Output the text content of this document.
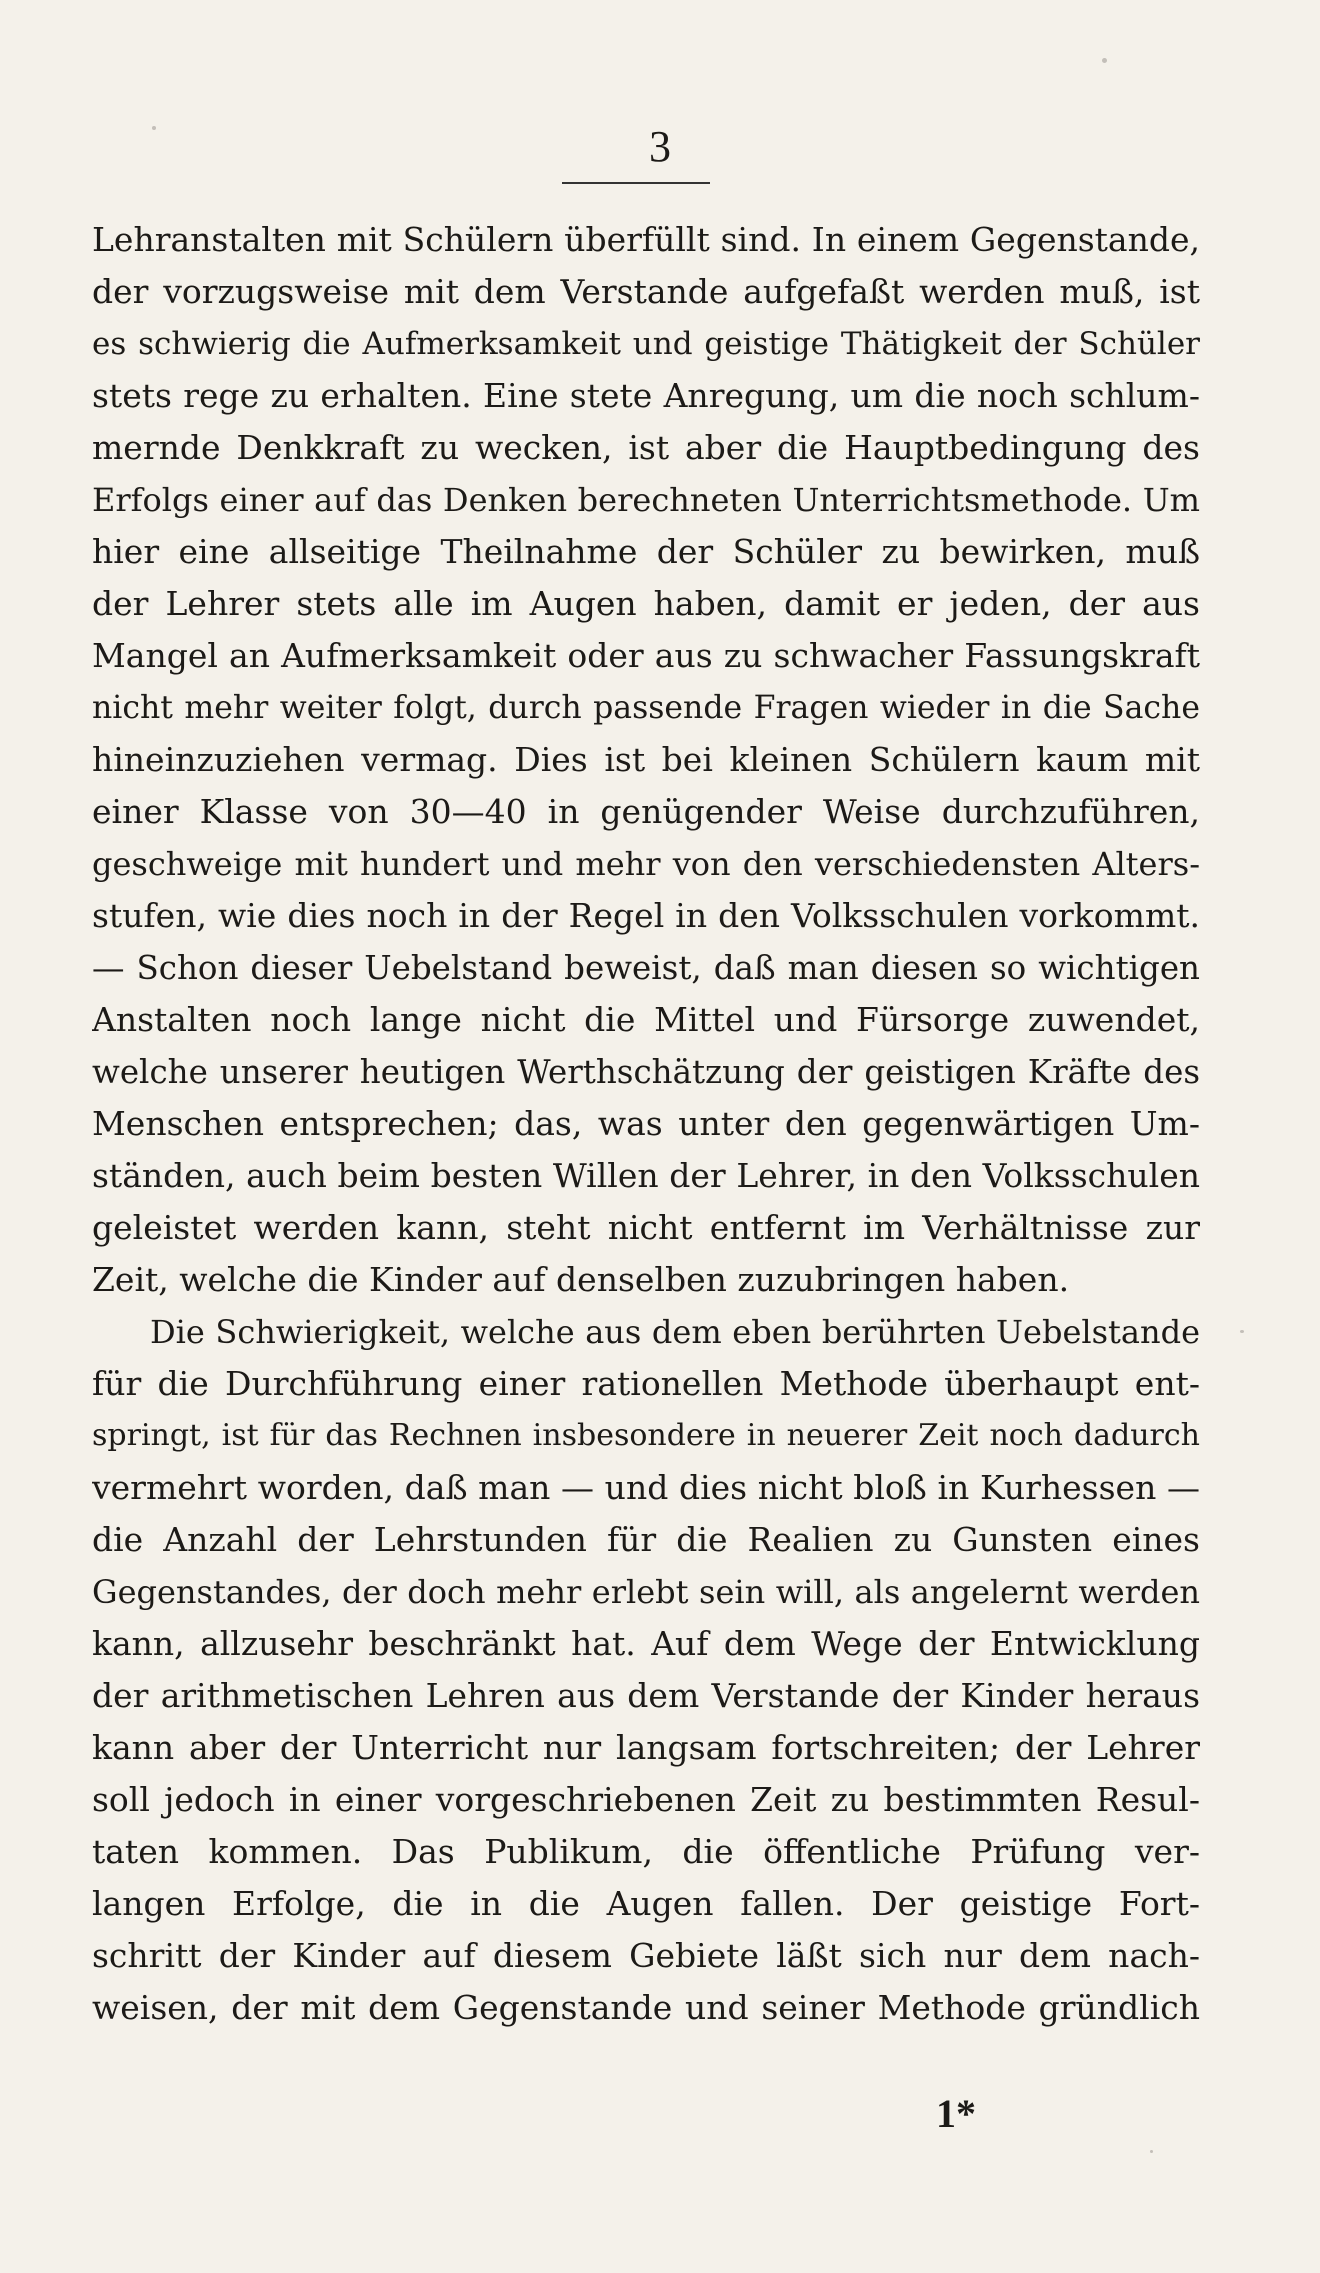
3
Lehranstalten mit Schülern überfüllt sind. In einem Gegenstande,
der vorzugsweise mit dem Verstande aufgefaßt werden muß, ist
es schwierig die Aufmerksamkeit und geistige Thätigkeit der Schüler
stets rege zu erhalten. Eine stete Anregung, um die noch schlum-
mernde Denkkraft zu wecken, ist aber die Hauptbedingung des
Erfolgs einer auf das Denken berechneten Unterrichtsmethode. Um
hier eine allseitige Theilnahme der Schüler zu bewirken, muß
der Lehrer stets alle im Augen haben, damit er jeden, der aus
Mangel an Aufmerksamkeit oder aus zu schwacher Fassungskraft
nicht mehr weiter folgt, durch passende Fragen wieder in die Sache
hineinzuziehen vermag. Dies ist bei kleinen Schülern kaum mit
einer Klasse von 30—40 in genügender Weise durchzuführen,
geschweige mit hundert und mehr von den verschiedensten Alters-
stufen, wie dies noch in der Regel in den Volksschulen vorkommt.
— Schon dieser Uebelstand beweist, daß man diesen so wichtigen
Anstalten noch lange nicht die Mittel und Fürsorge zuwendet,
welche unserer heutigen Werthschätzung der geistigen Kräfte des
Menschen entsprechen; das, was unter den gegenwärtigen Um-
ständen, auch beim besten Willen der Lehrer, in den Volksschulen
geleistet werden kann, steht nicht entfernt im Verhältnisse zur
Zeit, welche die Kinder auf denselben zuzubringen haben.
Die Schwierigkeit, welche aus dem eben berührten Uebelstande
für die Durchführung einer rationellen Methode überhaupt ent-
springt, ist für das Rechnen insbesondere in neuerer Zeit noch dadurch
vermehrt worden, daß man — und dies nicht bloß in Kurhessen —
die Anzahl der Lehrstunden für die Realien zu Gunsten eines
Gegenstandes, der doch mehr erlebt sein will, als angelernt werden
kann, allzusehr beschränkt hat. Auf dem Wege der Entwicklung
der arithmetischen Lehren aus dem Verstande der Kinder heraus
kann aber der Unterricht nur langsam fortschreiten; der Lehrer
soll jedoch in einer vorgeschriebenen Zeit zu bestimmten Resul-
taten kommen. Das Publikum, die öffentliche Prüfung ver-
langen Erfolge, die in die Augen fallen. Der geistige Fort-
schritt der Kinder auf diesem Gebiete läßt sich nur dem nach-
weisen, der mit dem Gegenstande und seiner Methode gründlich
1*
